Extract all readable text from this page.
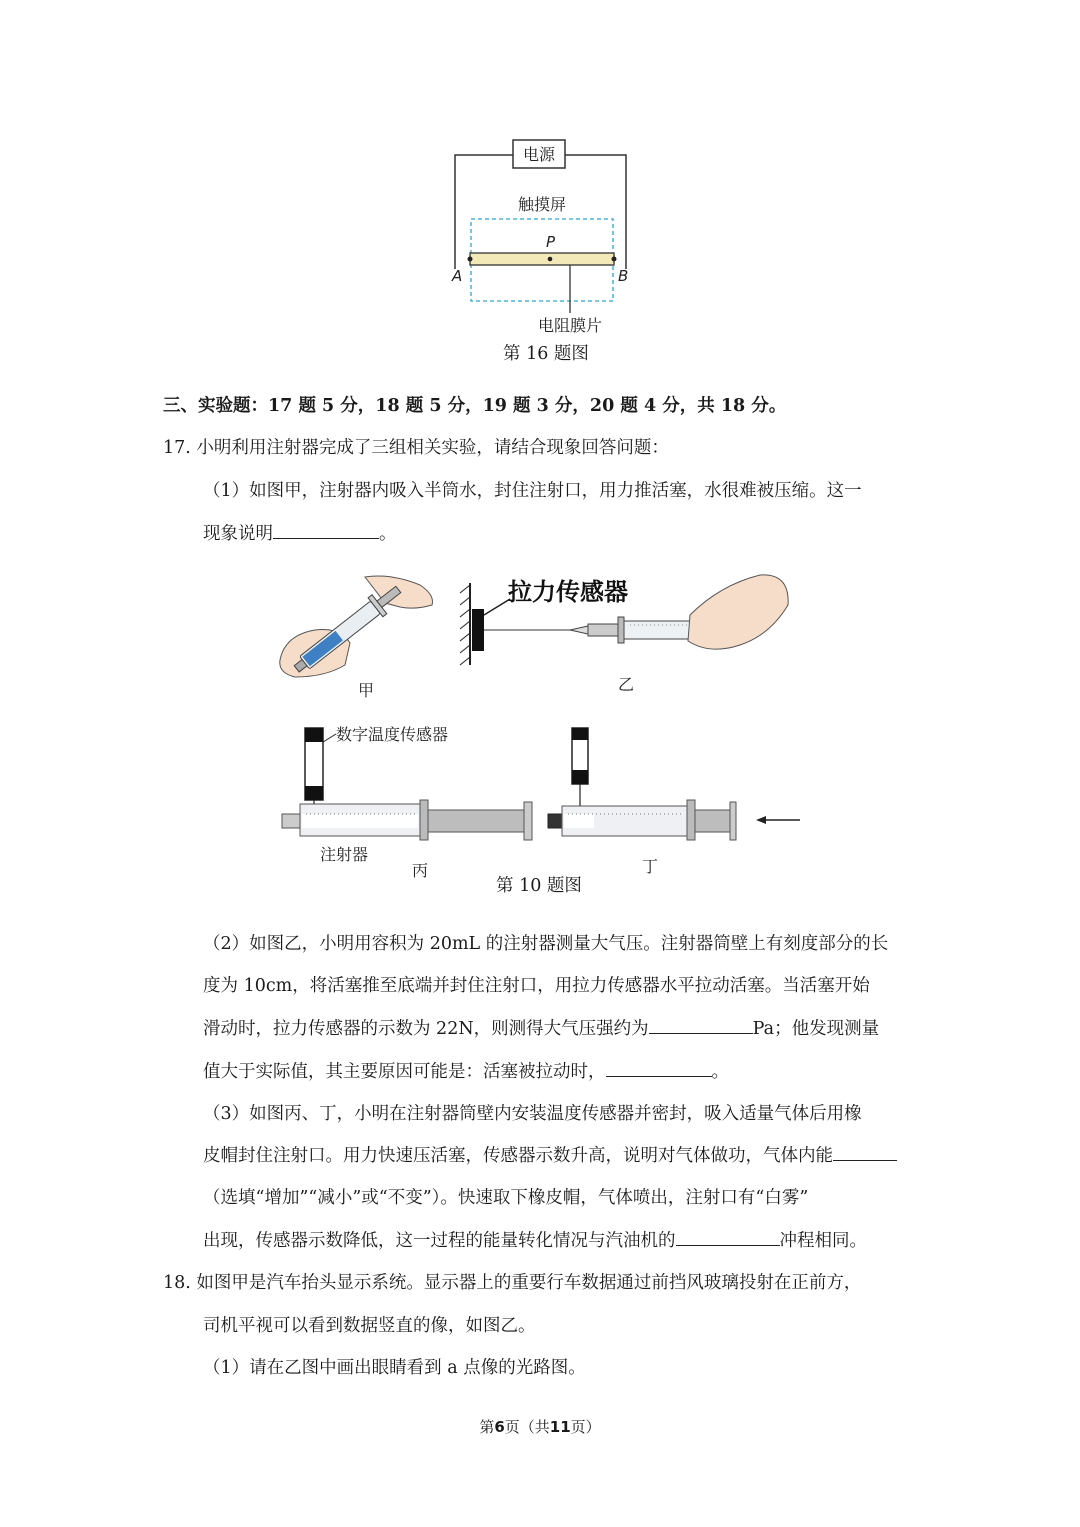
电源
触摸屏
P
A	B
电阻膜片
第 16 题图
三、实验题：17 题 5 分，18 题 5 分，19 题 3 分，20 题 4 分，共 18 分。
17. 小明利用注射器完成了三组相关实验，请结合现象回答问题：
（1）如图甲，注射器内吸入半筒水，封住注射口，用力推活塞，水很难被压缩。这一
现象说明	。
甲
拉力传感器
乙
数字温度传感器
注射器
丙	丁
第 10 题图
（2）如图乙，小明用容积为 20mL 的注射器测量大气压。注射器筒壁上有刻度部分的长
度为 10cm，将活塞推至底端并封住注射口，用拉力传感器水平拉动活塞。当活塞开始
滑动时，拉力传感器的示数为 22N，则测得大气压强约为	Pa；他发现测量
值大于实际值，其主要原因可能是：活塞被拉动时，	。
（3）如图丙、丁，小明在注射器筒壁内安装温度传感器并密封，吸入适量气体后用橡
皮帽封住注射口。用力快速压活塞，传感器示数升高，说明对气体做功，气体内能
（选填“增加”“减小”或“不变”）。快速取下橡皮帽，气体喷出，注射口有“白雾”
出现，传感器示数降低，这一过程的能量转化情况与汽油机的	冲程相同。
18. 如图甲是汽车抬头显示系统。显示器上的重要行车数据通过前挡风玻璃投射在正前方，
司机平视可以看到数据竖直的像，如图乙。
（1）请在乙图中画出眼睛看到 a 点像的光路图。
第6页（共11页）
